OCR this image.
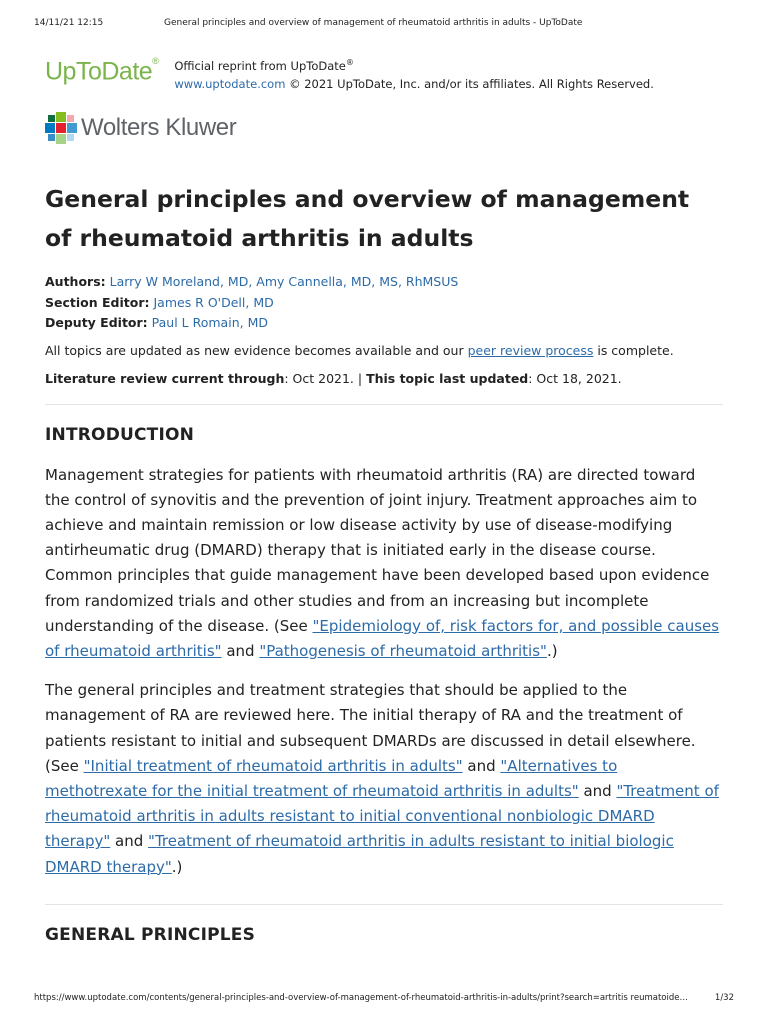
14/11/21 12:15	General principles and overview of management of rheumatoid arthritis in adults - UpToDate
UpToDate® Official reprint from UpToDate®
www.uptodate.com © 2021 UpToDate, Inc. and/or its affiliates. All Rights Reserved.
Wolters Kluwer
General principles and overview of management of rheumatoid arthritis in adults
Authors: Larry W Moreland, MD, Amy Cannella, MD, MS, RhMSUS
Section Editor: James R O'Dell, MD
Deputy Editor: Paul L Romain, MD
All topics are updated as new evidence becomes available and our peer review process is complete.
Literature review current through: Oct 2021. | This topic last updated: Oct 18, 2021.
INTRODUCTION

Management strategies for patients with rheumatoid arthritis (RA) are directed toward the control of synovitis and the prevention of joint injury. Treatment approaches aim to achieve and maintain remission or low disease activity by use of disease-modifying antirheumatic drug (DMARD) therapy that is initiated early in the disease course. Common principles that guide management have been developed based upon evidence from randomized trials and other studies and from an increasing but incomplete understanding of the disease. (See "Epidemiology of, risk factors for, and possible causes of rheumatoid arthritis" and "Pathogenesis of rheumatoid arthritis".)

The general principles and treatment strategies that should be applied to the management of RA are reviewed here. The initial therapy of RA and the treatment of patients resistant to initial and subsequent DMARDs are discussed in detail elsewhere. (See "Initial treatment of rheumatoid arthritis in adults" and "Alternatives to methotrexate for the initial treatment of rheumatoid arthritis in adults" and "Treatment of rheumatoid arthritis in adults resistant to initial conventional nonbiologic DMARD therapy" and "Treatment of rheumatoid arthritis in adults resistant to initial biologic DMARD therapy".)

GENERAL PRINCIPLES
https://www.uptodate.com/contents/general-principles-and-overview-of-management-of-rheumatoid-arthritis-in-adults/print?search=artritis reumatoide…	1/32
